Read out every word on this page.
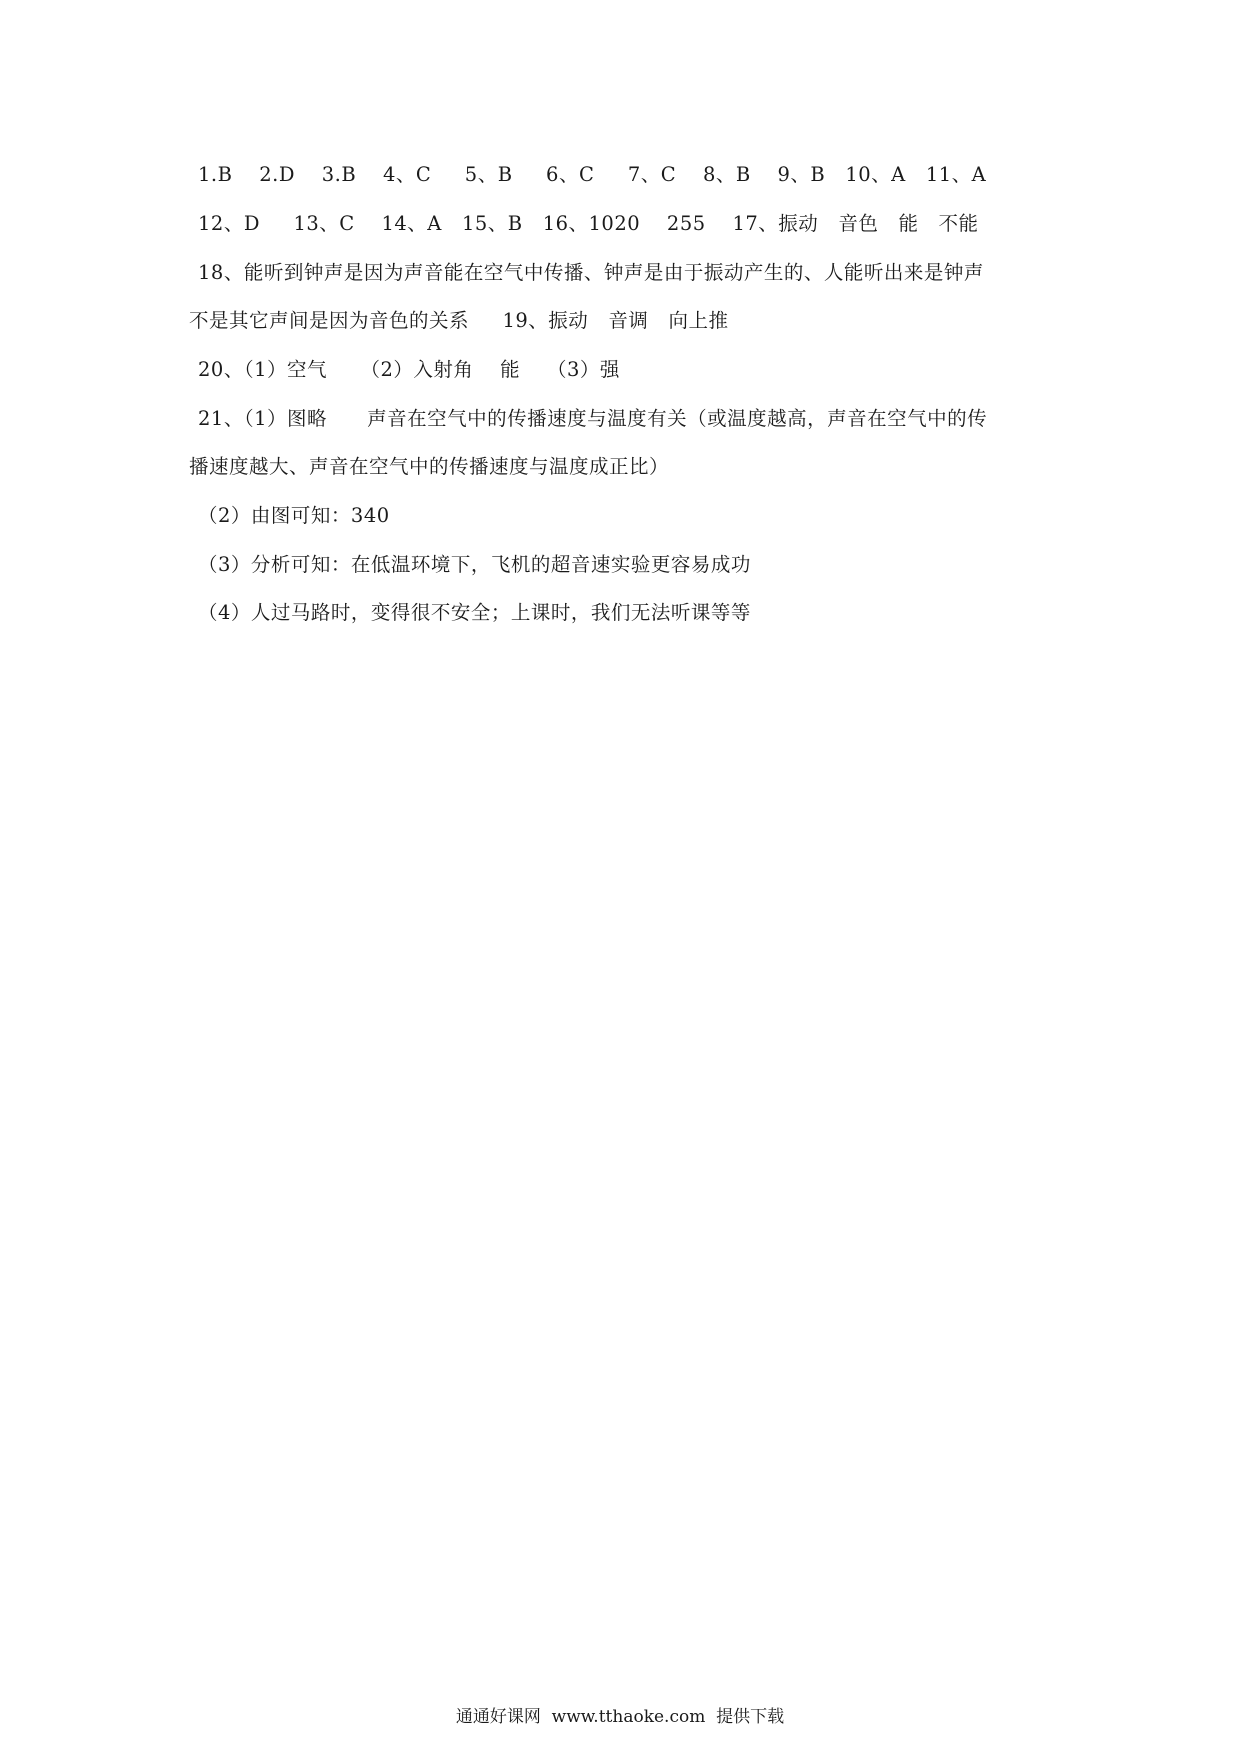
1.B    2.D    3.B    4、C     5、B     6、C     7、C    8、B    9、B   10、A   11、A
12、D     13、C    14、A   15、B   16、1020    255    17、振动   音色   能   不能
18、能听到钟声是因为声音能在空气中传播、钟声是由于振动产生的、人能听出来是钟声
不是其它声间是因为音色的关系     19、振动   音调   向上推
20、（1）空气     （2）入射角    能    （3）强
21、（1）图略      声音在空气中的传播速度与温度有关（或温度越高，声音在空气中的传
播速度越大、声音在空气中的传播速度与温度成正比）
（2）由图可知：340
（3）分析可知：在低温环境下，飞机的超音速实验更容易成功
（4）人过马路时，变得很不安全；上课时，我们无法听课等等
通通好课网  www.tthaoke.com  提供下载
